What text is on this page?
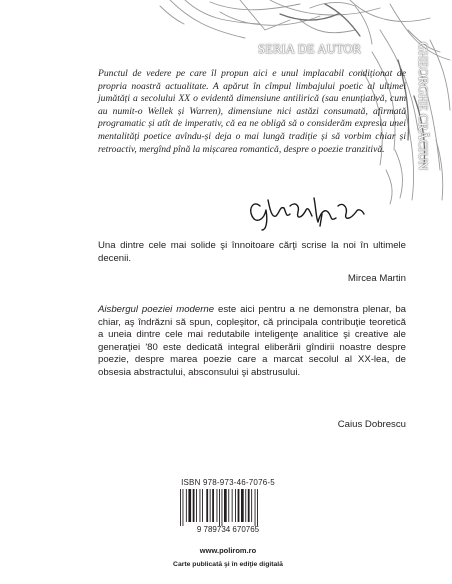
SERIA DE AUTOR	GHEORGHE CRĂCIUN

Punctul de vedere pe care îl propun aici e unul implacabil condiționat de propria noastră actualitate. A apărut în cîmpul limbajului poetic al ultimei jumătăți a secolului XX o evidentă dimensiune antilirică (sau enunțiativă, cum au numit-o Wellek și Warren), dimensiune nici astăzi consumată, afirmată programatic și atît de imperativ, că ea ne obligă să o considerăm expresia unei mentalități poetice avîndu-și deja o mai lungă tradiție și să vorbim chiar și retroactiv, mergînd pînă la mișcarea romantică, despre o poezie tranzitivă.

Una dintre cele mai solide şi înnoitoare cărţi scrise la noi în ultimele decenii.

Mircea Martin

Aisbergul poeziei moderne este aici pentru a ne demonstra plenar, ba chiar, aş îndrăzni să spun, copleşitor, că principala contribuţie teoretică a uneia dintre cele mai redutabile inteligenţe analitice şi creative ale generaţiei '80 este dedicată integral eliberării gîndirii noastre despre poezie, despre marea poezie care a marcat secolul al XX-lea, de obsesia abstractului, absconsului şi abstrusului.

Caius Dobrescu
ISBN 978-973-46-7076-5
9 789734 670765
www.polirom.ro
Carte publicată şi în ediţie digitală
